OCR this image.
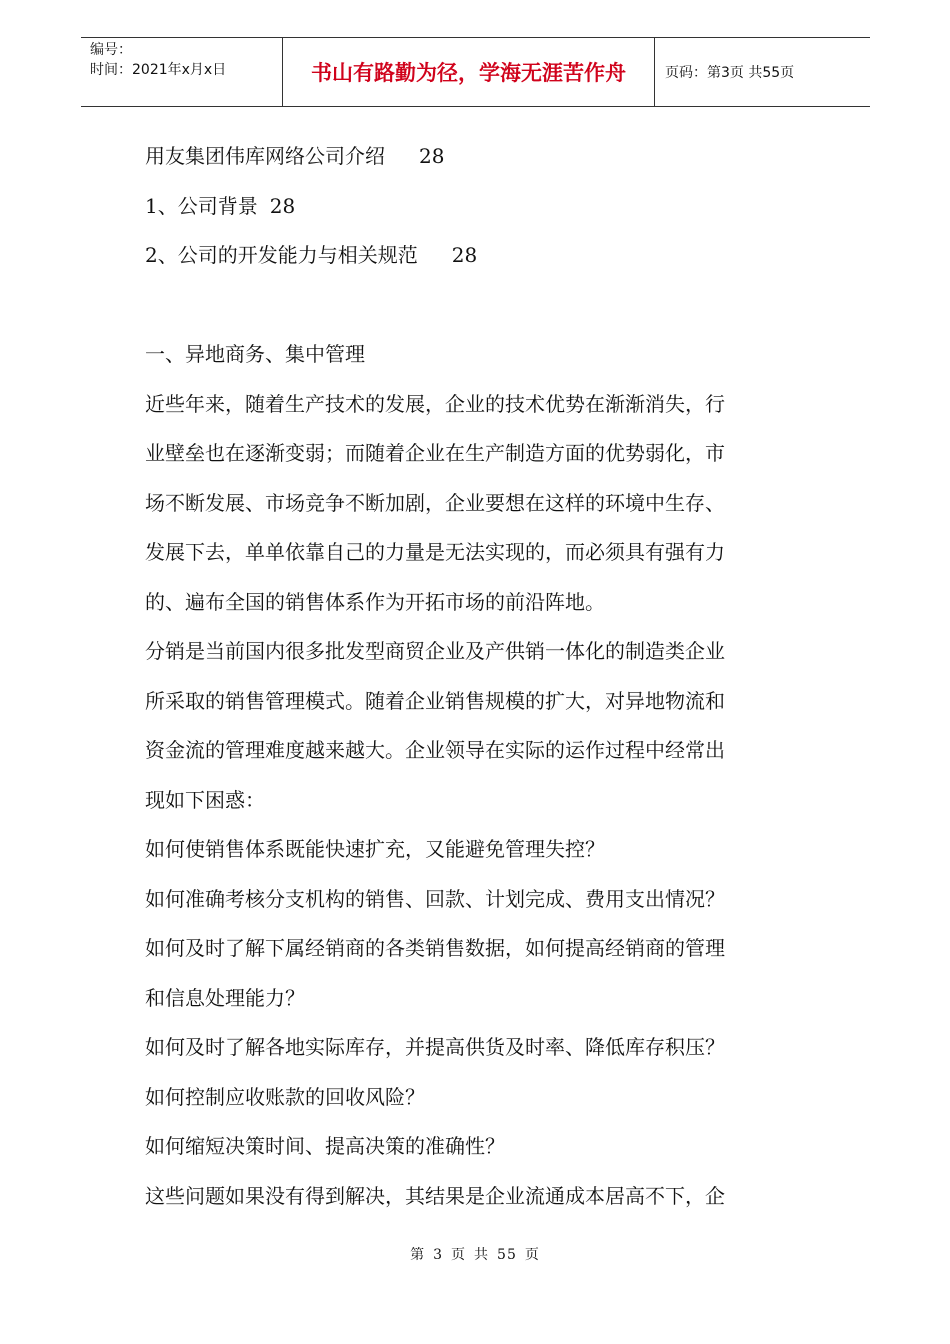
编号：
时间：2021年x月x日	书山有路勤为径，学海无涯苦作舟	页码：第3页 共55页
用友集团伟库网络公司介绍 28
1、公司背景 28
2、公司的开发能力与相关规范 28
一、异地商务、集中管理
近些年来，随着生产技术的发展，企业的技术优势在渐渐消失，行
业壁垒也在逐渐变弱；而随着企业在生产制造方面的优势弱化，市
场不断发展、市场竞争不断加剧，企业要想在这样的环境中生存、
发展下去，单单依靠自己的力量是无法实现的，而必须具有强有力
的、遍布全国的销售体系作为开拓市场的前沿阵地。
分销是当前国内很多批发型商贸企业及产供销一体化的制造类企业
所采取的销售管理模式。随着企业销售规模的扩大，对异地物流和
资金流的管理难度越来越大。企业领导在实际的运作过程中经常出
现如下困惑：
如何使销售体系既能快速扩充，又能避免管理失控？
如何准确考核分支机构的销售、回款、计划完成、费用支出情况？
如何及时了解下属经销商的各类销售数据，如何提高经销商的管理
和信息处理能力？
如何及时了解各地实际库存，并提高供货及时率、降低库存积压？
如何控制应收账款的回收风险？
如何缩短决策时间、提高决策的准确性？
这些问题如果没有得到解决，其结果是企业流通成本居高不下，企
第 3 页 共 55 页
